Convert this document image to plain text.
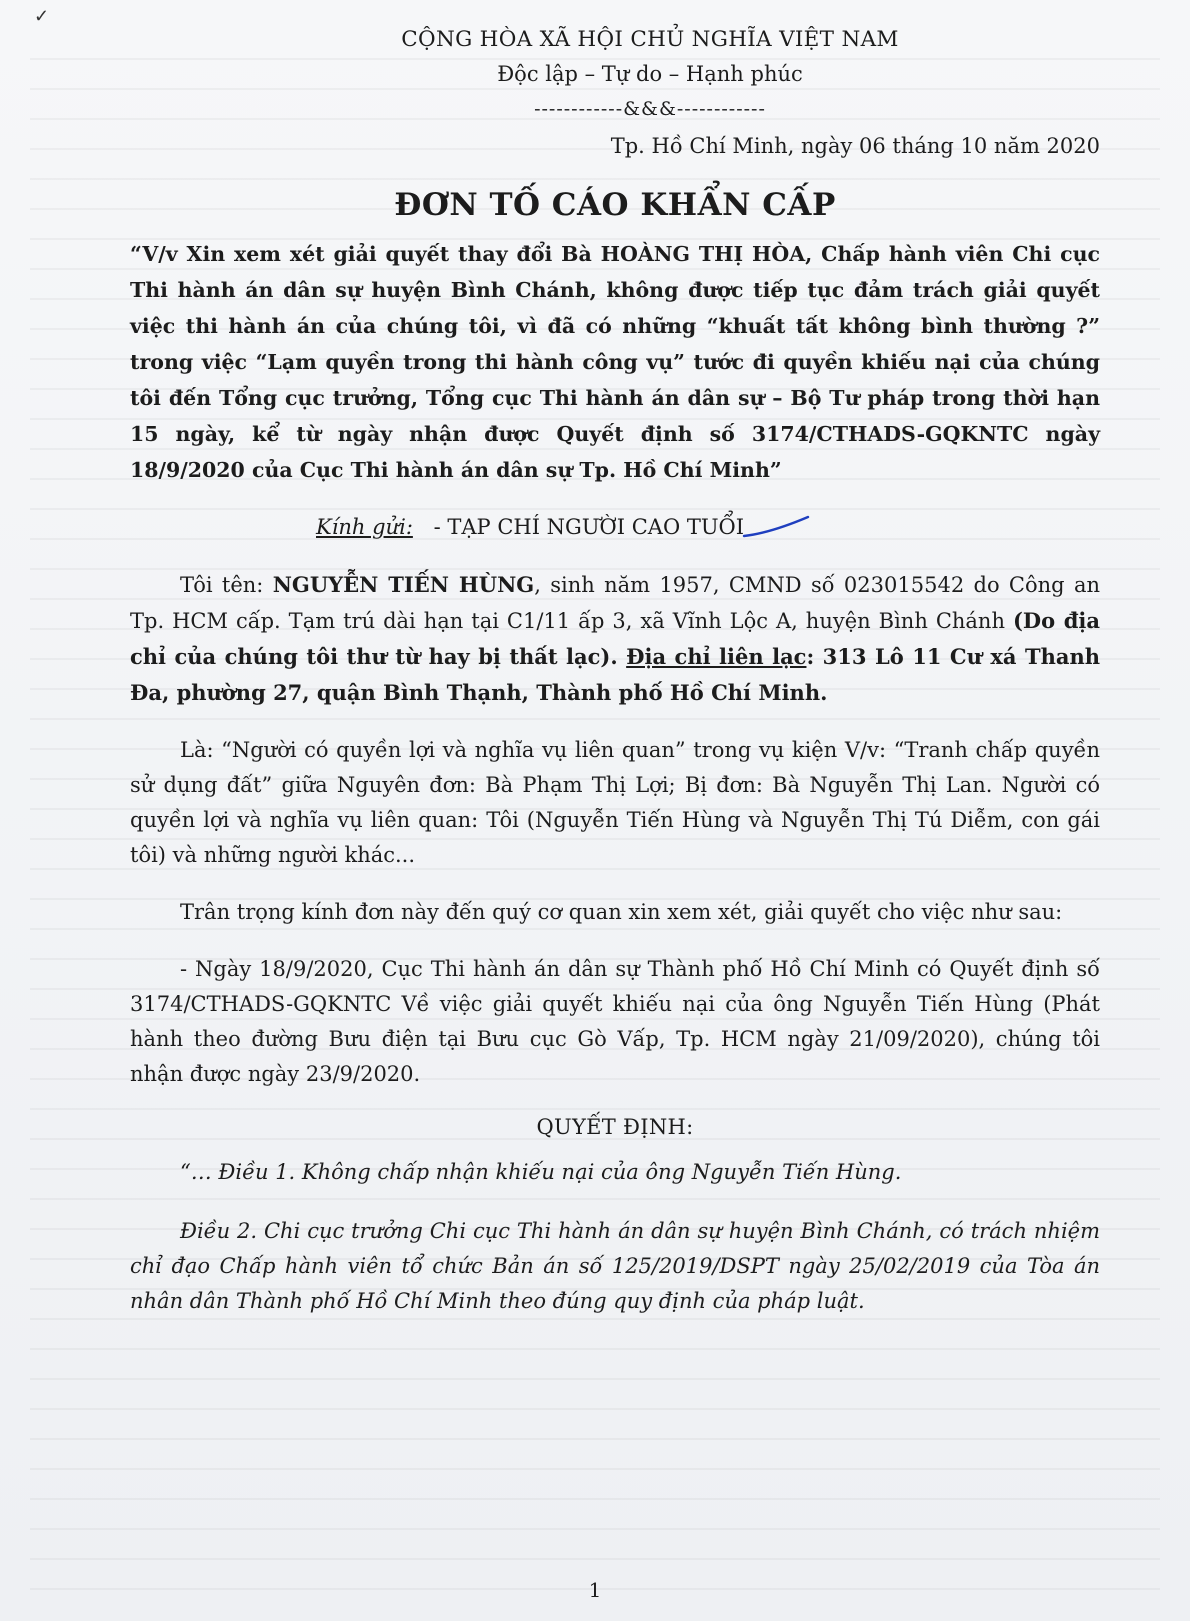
✓
CỘNG HÒA XÃ HỘI CHỦ NGHĨA VIỆT NAM
Độc lập – Tự do – Hạnh phúc
------------&&&------------
Tp. Hồ Chí Minh, ngày 06 tháng 10 năm 2020
ĐƠN TỐ CÁO KHẨN CẤP
“V/v Xin xem xét giải quyết thay đổi Bà HOÀNG THỊ HÒA, Chấp hành viên Chi cục Thi hành án dân sự huyện Bình Chánh, không được tiếp tục đảm trách giải quyết việc thi hành án của chúng tôi, vì đã có những “khuất tất không bình thường ?” trong việc “Lạm quyền trong thi hành công vụ” tước đi quyền khiếu nại của chúng tôi đến Tổng cục trưởng, Tổng cục Thi hành án dân sự – Bộ Tư pháp trong thời hạn 15 ngày, kể từ ngày nhận được Quyết định số 3174/CTHADS-GQKNTC ngày 18/9/2020 của Cục Thi hành án dân sự Tp. Hồ Chí Minh”
Kính gửi: - TẠP CHÍ NGƯỜI CAO TUỔI
Tôi tên: NGUYỄN TIẾN HÙNG, sinh năm 1957, CMND số 023015542 do Công an Tp. HCM cấp. Tạm trú dài hạn tại C1/11 ấp 3, xã Vĩnh Lộc A, huyện Bình Chánh (Do địa chỉ của chúng tôi thư từ hay bị thất lạc). Địa chỉ liên lạc: 313 Lô 11 Cư xá Thanh Đa, phường 27, quận Bình Thạnh, Thành phố Hồ Chí Minh.
Là: “Người có quyền lợi và nghĩa vụ liên quan” trong vụ kiện V/v: “Tranh chấp quyền sử dụng đất” giữa Nguyên đơn: Bà Phạm Thị Lợi; Bị đơn: Bà Nguyễn Thị Lan. Người có quyền lợi và nghĩa vụ liên quan: Tôi (Nguyễn Tiến Hùng và Nguyễn Thị Tú Diễm, con gái tôi) và những người khác...
Trân trọng kính đơn này đến quý cơ quan xin xem xét, giải quyết cho việc như sau:
- Ngày 18/9/2020, Cục Thi hành án dân sự Thành phố Hồ Chí Minh có Quyết định số 3174/CTHADS-GQKNTC Về việc giải quyết khiếu nại của ông Nguyễn Tiến Hùng (Phát hành theo đường Bưu điện tại Bưu cục Gò Vấp, Tp. HCM ngày 21/09/2020), chúng tôi nhận được ngày 23/9/2020.
QUYẾT ĐỊNH:
“… Điều 1. Không chấp nhận khiếu nại của ông Nguyễn Tiến Hùng.
Điều 2. Chi cục trưởng Chi cục Thi hành án dân sự huyện Bình Chánh, có trách nhiệm chỉ đạo Chấp hành viên tổ chức Bản án số 125/2019/DSPT ngày 25/02/2019 của Tòa án nhân dân Thành phố Hồ Chí Minh theo đúng quy định của pháp luật.
1
